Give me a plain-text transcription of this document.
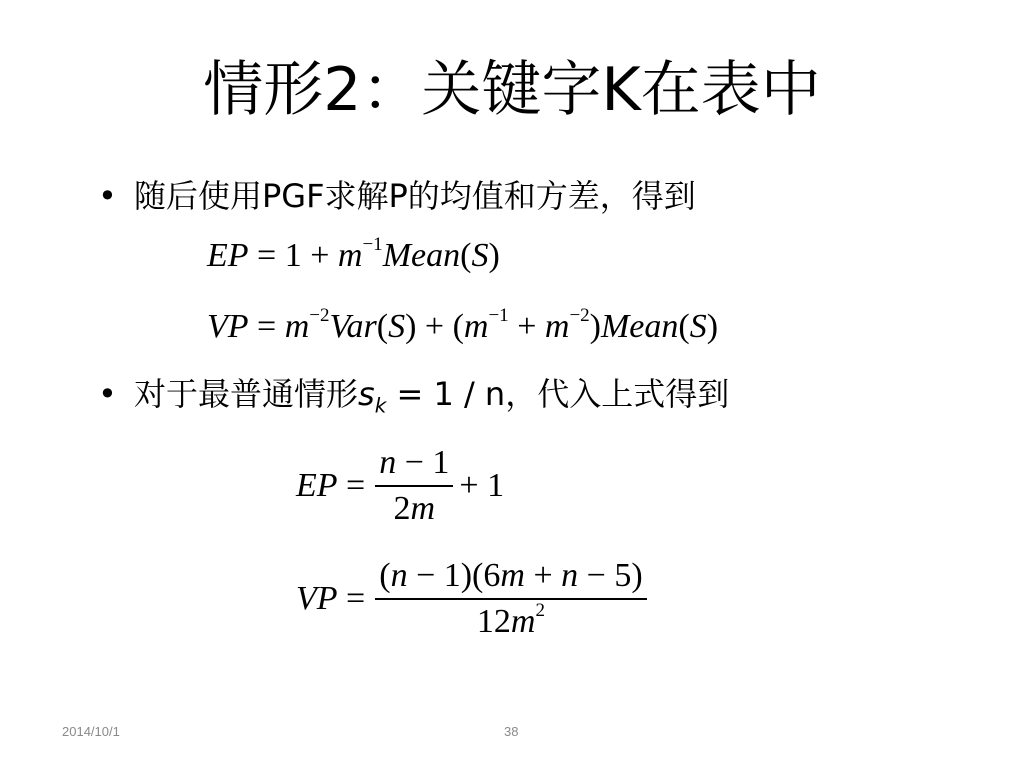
情形2：关键字K在表中
• 随后使用PGF求解P的均值和方差，得到
EP = $1 + m^{-1}Mean(S)$
VP = $m^{-2}Var(S) + (m^{-1}$ + $m^{-2})Mean(S)$
• 对于最普通情形$s_k = 1 / n$，代入上式得到
EP = $\frac{n - 1}{2m} + 1$
VP = $\frac{(n - 1)(6m + n - 5)}{12m^2}$
2014/10/1	38
